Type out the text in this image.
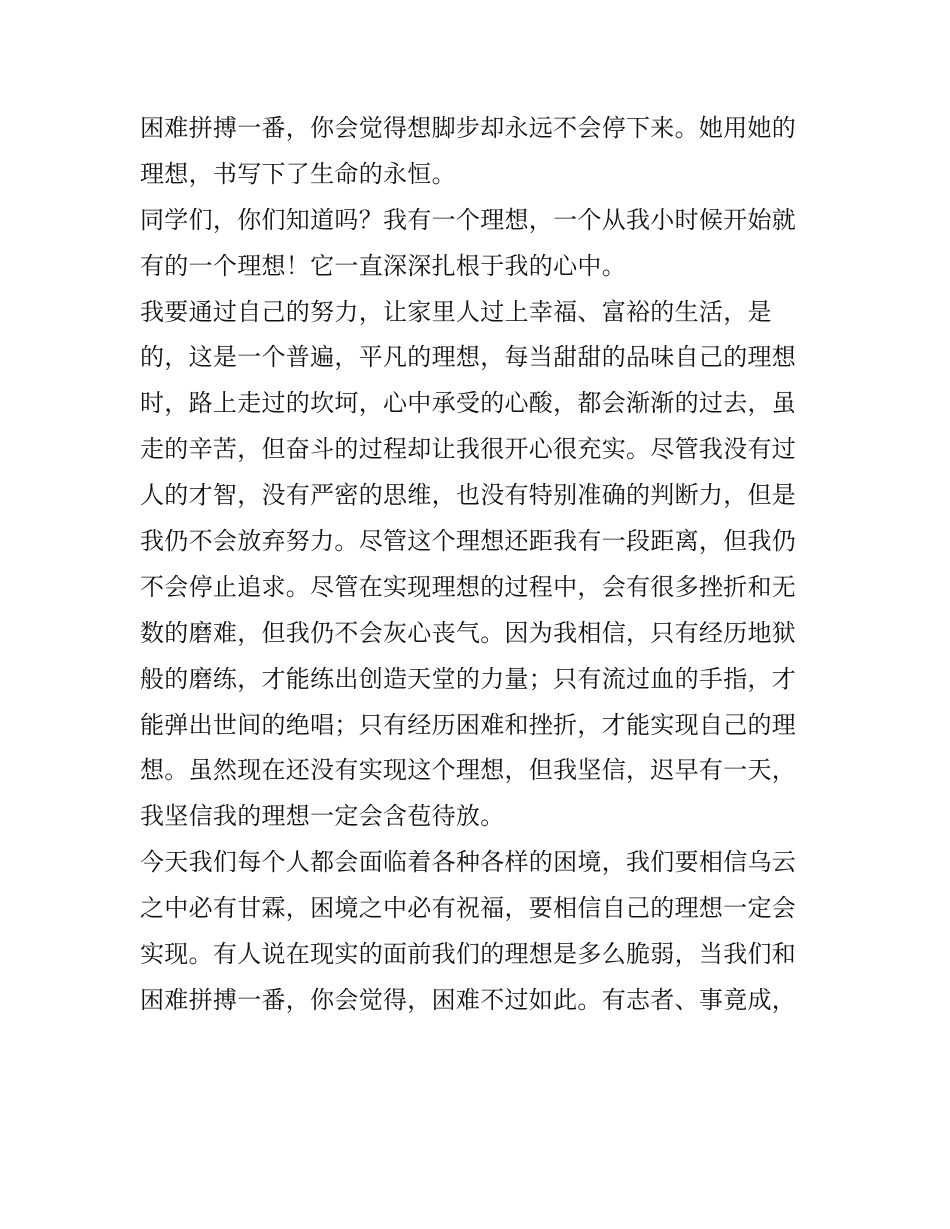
困难拼搏一番，你会觉得想脚步却永远不会停下来。她用她的
理想，书写下了生命的永恒。
同学们，你们知道吗？我有一个理想，一个从我小时候开始就
有的一个理想！它一直深深扎根于我的心中。
我要通过自己的努力，让家里人过上幸福、富裕的生活，是
的，这是一个普遍，平凡的理想，每当甜甜的品味自己的理想
时，路上走过的坎坷，心中承受的心酸，都会渐渐的过去，虽
走的辛苦，但奋斗的过程却让我很开心很充实。尽管我没有过
人的才智，没有严密的思维，也没有特别准确的判断力，但是
我仍不会放弃努力。尽管这个理想还距我有一段距离，但我仍
不会停止追求。尽管在实现理想的过程中，会有很多挫折和无
数的磨难，但我仍不会灰心丧气。因为我相信，只有经历地狱
般的磨练，才能练出创造天堂的力量；只有流过血的手指，才
能弹出世间的绝唱；只有经历困难和挫折，才能实现自己的理
想。虽然现在还没有实现这个理想，但我坚信，迟早有一天，
我坚信我的理想一定会含苞待放。
今天我们每个人都会面临着各种各样的困境，我们要相信乌云
之中必有甘霖，困境之中必有祝福，要相信自己的理想一定会
实现。有人说在现实的面前我们的理想是多么脆弱，当我们和
困难拼搏一番，你会觉得，困难不过如此。有志者、事竟成，
